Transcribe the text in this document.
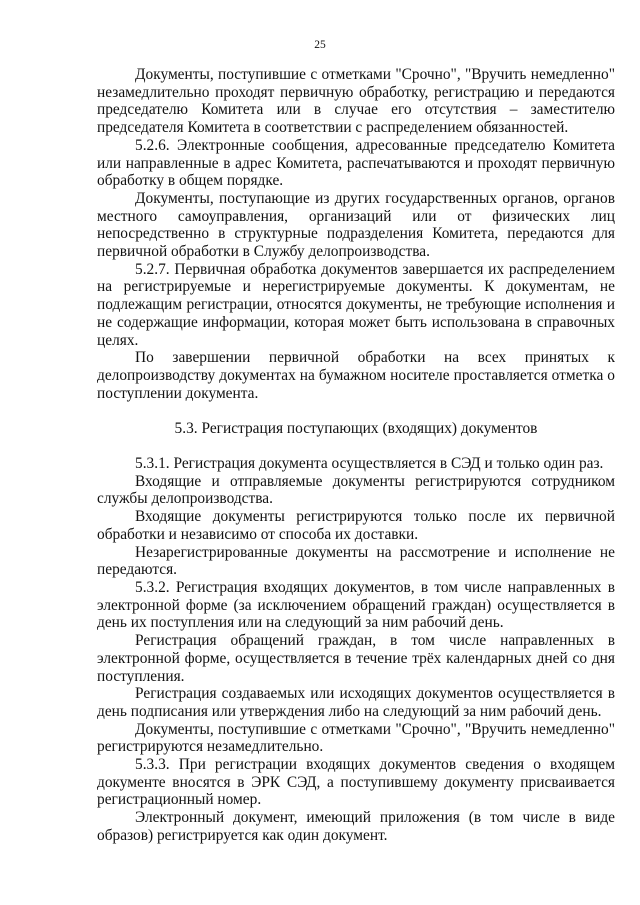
25

Документы, поступившие с отметками "Срочно", "Вручить немедленно" незамедлительно проходят первичную обработку, регистрацию и передаются председателю Комитета или в случае его отсутствия – заместителю председателя Комитета в соответствии с распределением обязанностей.

5.2.6. Электронные сообщения, адресованные председателю Комитета или направленные в адрес Комитета, распечатываются и проходят первичную обработку в общем порядке.

Документы, поступающие из других государственных органов, органов местного самоуправления, организаций или от физических лиц непосредственно в структурные подразделения Комитета, передаются для первичной обработки в Службу делопроизводства.

5.2.7. Первичная обработка документов завершается их распределением на регистрируемые и нерегистрируемые документы. К документам, не подлежащим регистрации, относятся документы, не требующие исполнения и не содержащие информации, которая может быть использована в справочных целях.

По завершении первичной обработки на всех принятых к делопроизводству документах на бумажном носителе проставляется отметка о поступлении документа.

5.3. Регистрация поступающих (входящих) документов

5.3.1. Регистрация документа осуществляется в СЭД и только один раз.

Входящие и отправляемые документы регистрируются сотрудником службы делопроизводства.

Входящие документы регистрируются только после их первичной обработки и независимо от способа их доставки.

Незарегистрированные документы на рассмотрение и исполнение не передаются.

5.3.2. Регистрация входящих документов, в том числе направленных в электронной форме (за исключением обращений граждан) осуществляется в день их поступления или на следующий за ним рабочий день.

Регистрация обращений граждан, в том числе направленных в электронной форме, осуществляется в течение трёх календарных дней со дня поступления.

Регистрация создаваемых или исходящих документов осуществляется в день подписания или утверждения либо на следующий за ним рабочий день.

Документы, поступившие с отметками "Срочно", "Вручить немедленно" регистрируются незамедлительно.

5.3.3. При регистрации входящих документов сведения о входящем документе вносятся в ЭРК СЭД, а поступившему документу присваивается регистрационный номер.

Электронный документ, имеющий приложения (в том числе в виде образов) регистрируется как один документ.
